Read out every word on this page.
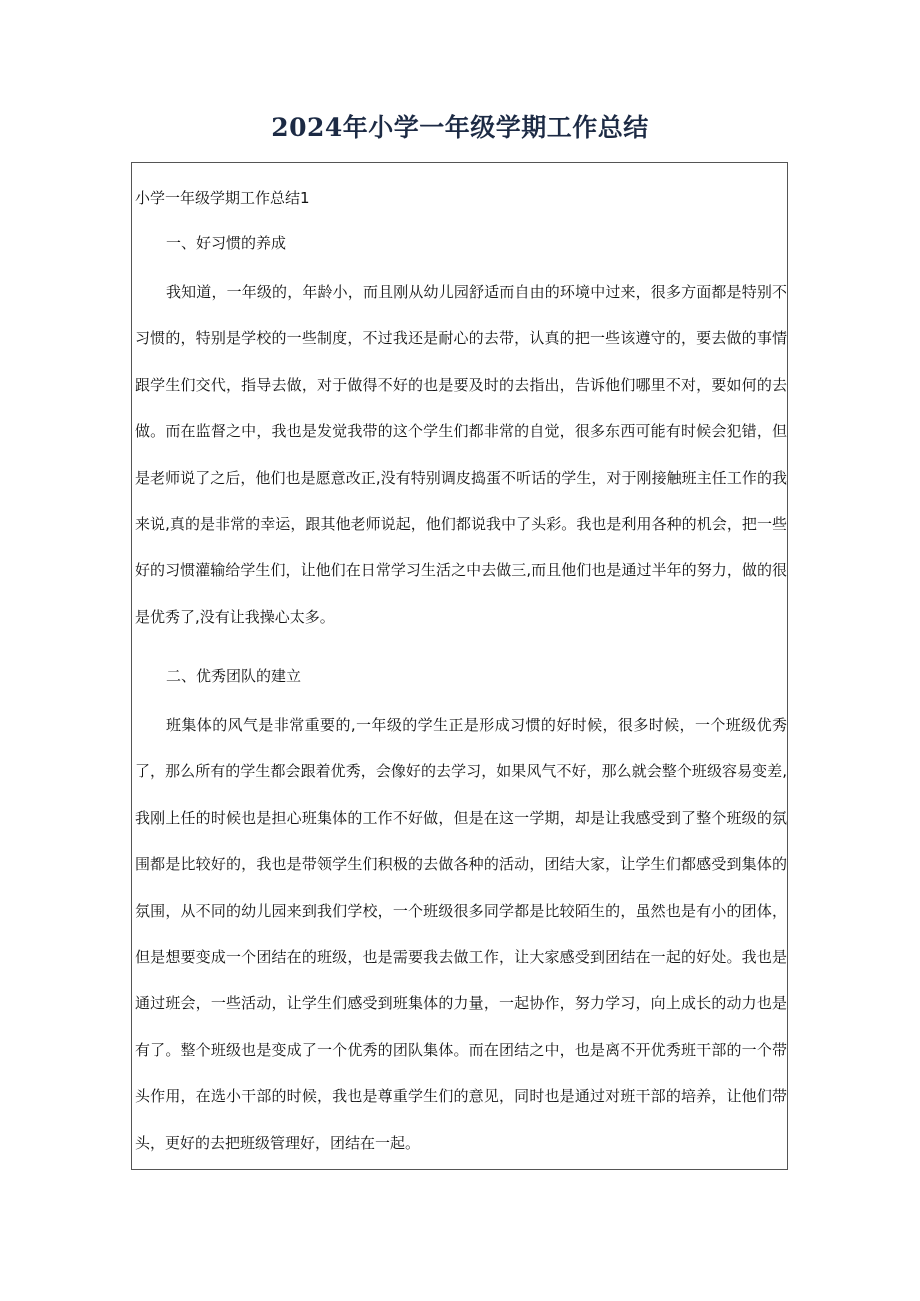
2024年小学一年级学期工作总结

小学一年级学期工作总结1

一、好习惯的养成

我知道，一年级的，年龄小，而且刚从幼儿园舒适而自由的环境中过来，很多方面都是特别不习惯的，特别是学校的一些制度，不过我还是耐心的去带，认真的把一些该遵守的，要去做的事情跟学生们交代，指导去做，对于做得不好的也是要及时的去指出，告诉他们哪里不对，要如何的去做。而在监督之中，我也是发觉我带的这个学生们都非常的自觉，很多东西可能有时候会犯错，但是老师说了之后，他们也是愿意改正,没有特别调皮捣蛋不听话的学生，对于刚接触班主任工作的我来说,真的是非常的幸运，跟其他老师说起，他们都说我中了头彩。我也是利用各种的机会，把一些好的习惯灌输给学生们，让他们在日常学习生活之中去做三,而且他们也是通过半年的努力，做的很是优秀了,没有让我操心太多。

二、优秀团队的建立

班集体的风气是非常重要的,一年级的学生正是形成习惯的好时候，很多时候，一个班级优秀了，那么所有的学生都会跟着优秀，会像好的去学习，如果风气不好，那么就会整个班级容易变差,我刚上任的时候也是担心班集体的工作不好做，但是在这一学期，却是让我感受到了整个班级的氛围都是比较好的，我也是带领学生们积极的去做各种的活动，团结大家，让学生们都感受到集体的氛围，从不同的幼儿园来到我们学校，一个班级很多同学都是比较陌生的，虽然也是有小的团体，但是想要变成一个团结在的班级，也是需要我去做工作，让大家感受到团结在一起的好处。我也是通过班会，一些活动，让学生们感受到班集体的力量，一起协作，努力学习，向上成长的动力也是有了。整个班级也是变成了一个优秀的团队集体。而在团结之中，也是离不开优秀班干部的一个带头作用，在选小干部的时候，我也是尊重学生们的意见，同时也是通过对班干部的培养，让他们带头，更好的去把班级管理好，团结在一起。
